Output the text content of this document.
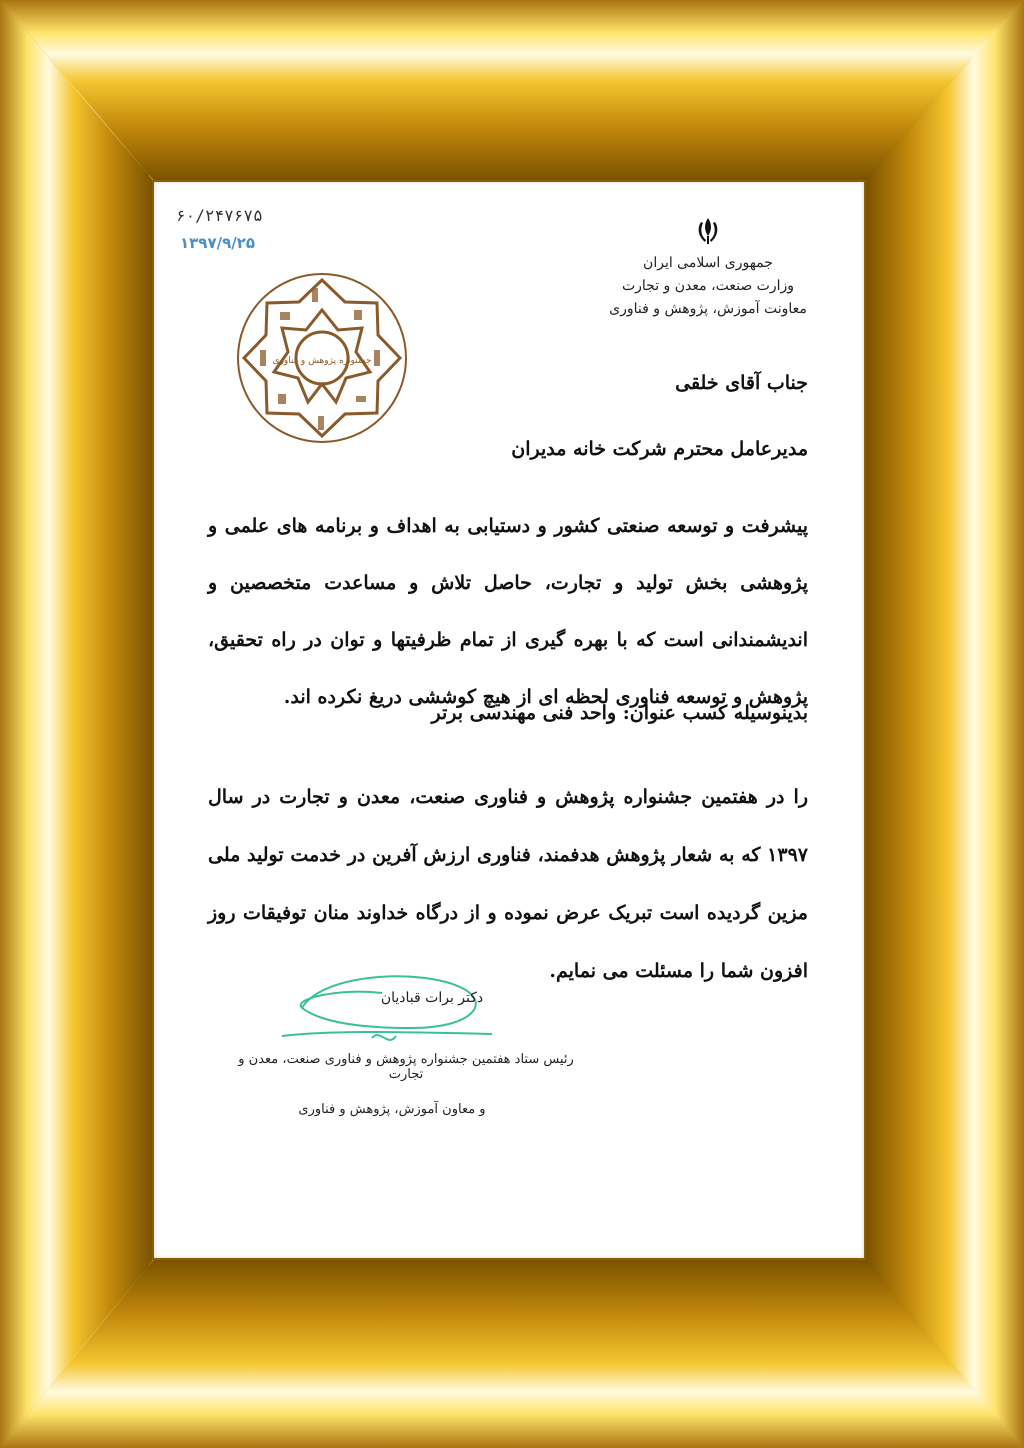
جمهوری اسلامی ایران
وزارت صنعت، معدن و تجارت
معاونت آموزش، پژوهش و فناوری
۶۰/۲۴۷۶۷۵
۱۳۹۷/۹/۲۵
جشنواره پژوهش و فناوری
جناب آقای خلقی
مدیرعامل محترم شرکت خانه مدیران
پیشرفت و توسعه صنعتی کشور و دستیابی به اهداف و برنامه های علمی و پژوهشی بخش تولید و تجارت، حاصل تلاش و مساعدت متخصصین و اندیشمندانی است که با بهره گیری از تمام ظرفیتها و توان در راه تحقیق، پژوهش و توسعه فناوری لحظه ای از هیچ کوششی دریغ نکرده اند.
بدینوسیله کسب عنوان: واحد فنی مهندسی برتر
را در هفتمین جشنواره پژوهش و فناوری صنعت، معدن و تجارت در سال ۱۳۹۷ که به شعار پژوهش هدفمند، فناوری ارزش آفرین در خدمت تولید ملی مزین گردیده است تبریک عرض نموده و از درگاه خداوند منان توفیقات روز افزون شما را مسئلت می نمایم.
دکتر برات قبادیان
رئیس ستاد هفتمین جشنواره پژوهش و فناوری صنعت، معدن و تجارت
و معاون آموزش، پژوهش و فناوری
